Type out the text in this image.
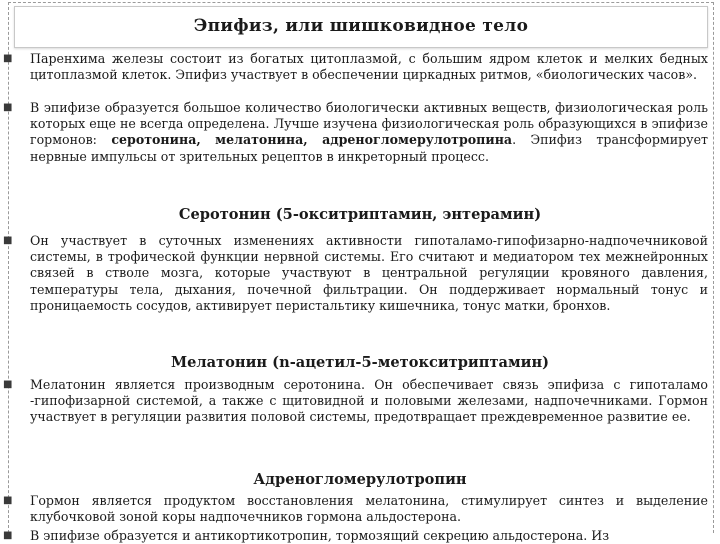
Эпифиз, или шишковидное тело
■ Паренхима железы состоит из богатых цитоплазмой, с большим ядром клеток и мелких бедных цитоплазмой клеток. Эпифиз участвует в обеспечении циркадных ритмов, «биологических часов».
■ В эпифизе образуется большое количество биологически активных веществ, физиологическая роль которых еще не всегда определена. Лучше изучена физиологическая роль образующихся в эпифизе гормонов: серотонина, мелатонина, адреногломерулотропина. Эпифиз трансформирует нервные импульсы от зрительных рецептов в инкреторный процесс.
Серотонин (5-окситриптамин, энтерамин)
■ Он участвует в суточных изменениях активности гипоталамо-гипофизарно-надпочечниковой системы, в трофической функции нервной системы. Его считают и медиатором тех межнейронных связей в стволе мозга, которые участвуют в центральной регуляции кровяного давления, температуры тела, дыхания, почечной фильтрации. Он поддерживает нормальный тонус и проницаемость сосудов, активирует перистальтику кишечника, тонус матки, бронхов.
Мелатонин (n-ацетил-5-метокситриптамин)
■ Мелатонин является производным серотонина. Он обеспечивает связь эпифиза с гипоталамо -гипофизарной системой, а также с щитовидной и половыми железами, надпочечниками. Гормон участвует в регуляции развития половой системы, предотвращает преждевременное развитие ее.
Адреногломерулотропин
■ Гормон является продуктом восстановления мелатонина, стимулирует синтез и выделение клубочковой зоной коры надпочечников гормона альдостерона.
■ В эпифизе образуется и антикортикотропин, тормозящий секрецию альдостерона. Из
